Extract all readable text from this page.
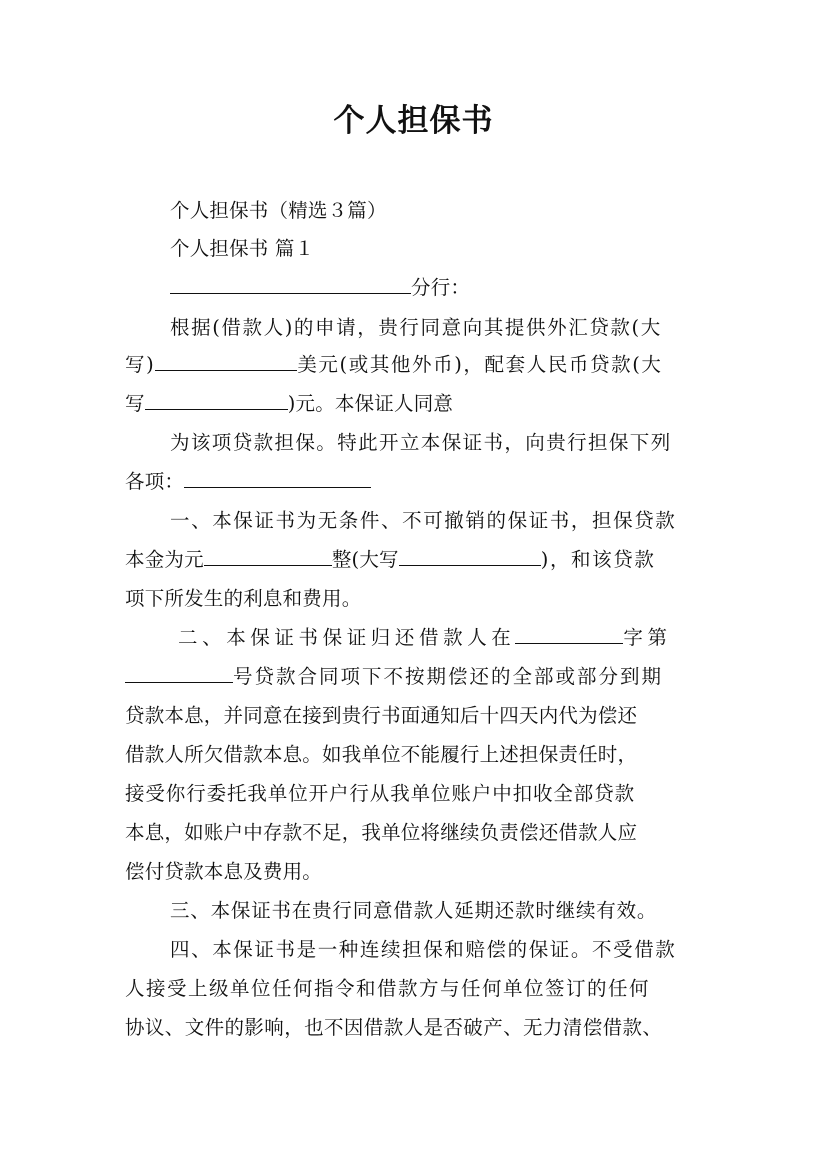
个人担保书
个人担保书（精选３篇）
个人担保书 篇１
分行：
根据(借款人)的申请，贵行同意向其提供外汇贷款(大
写)	美元(或其他外币)，配套人民币贷款(大
写	)元。本保证人同意
为该项贷款担保。特此开立本保证书，向贵行担保下列
各项：
一、本保证书为无条件、不可撤销的保证书，担保贷款
本金为元	整(大写	)，和该贷款
项下所发生的利息和费用。
二、本保证书保证归还借款人在	字第
号贷款合同项下不按期偿还的全部或部分到期
贷款本息，并同意在接到贵行书面通知后十四天内代为偿还
借款人所欠借款本息。如我单位不能履行上述担保责任时，
接受你行委托我单位开户行从我单位账户中扣收全部贷款
本息，如账户中存款不足，我单位将继续负责偿还借款人应
偿付贷款本息及费用。
三、本保证书在贵行同意借款人延期还款时继续有效。
四、本保证书是一种连续担保和赔偿的保证。不受借款
人接受上级单位任何指令和借款方与任何单位签订的任何
协议、文件的影响，也不因借款人是否破产、无力清偿借款、
